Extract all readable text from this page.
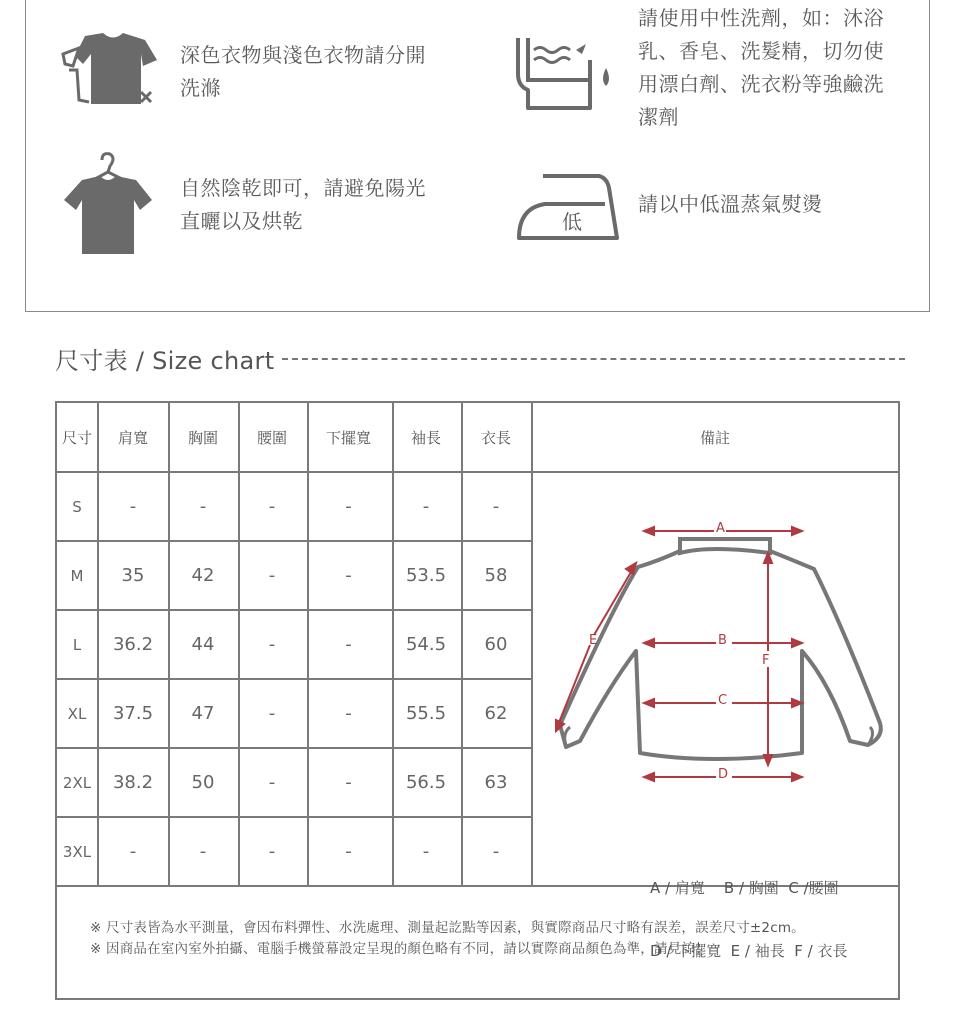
深色衣物與淺色衣物請分開
洗滌
請使用中性洗劑，如：沐浴
乳、香皂、洗髮精，切勿使
用漂白劑、洗衣粉等強鹼洗
潔劑
自然陰乾即可，請避免陽光
直曬以及烘乾	低
請以中低溫蒸氣熨燙
尺寸表 / Size chart
尺寸	肩寬	胸圍	腰圍	下擺寬	袖長	衣長	備註
S	-	-	-	-	-	-
M	35	42	-	-	53.5	58
L	36.2	44	-	-	54.5	60
XL	37.5	47	-	-	55.5	62
2XL	38.2	50	-	-	56.5	63
3XL	-	-	-	-	-	-
A
B
C
D
E
F

A / 肩寬    B / 胸圍  C /腰圍

D / 下擺寬  E / 袖長  F / 衣長

※ 尺寸表皆為水平測量，會因布料彈性、水洗處理、測量起訖點等因素，與實際商品尺寸略有誤差，誤差尺寸±2cm。
※ 因商品在室內室外拍攝、電腦手機螢幕設定呈現的顏色略有不同，請以實際商品顏色為準，請見諒！
